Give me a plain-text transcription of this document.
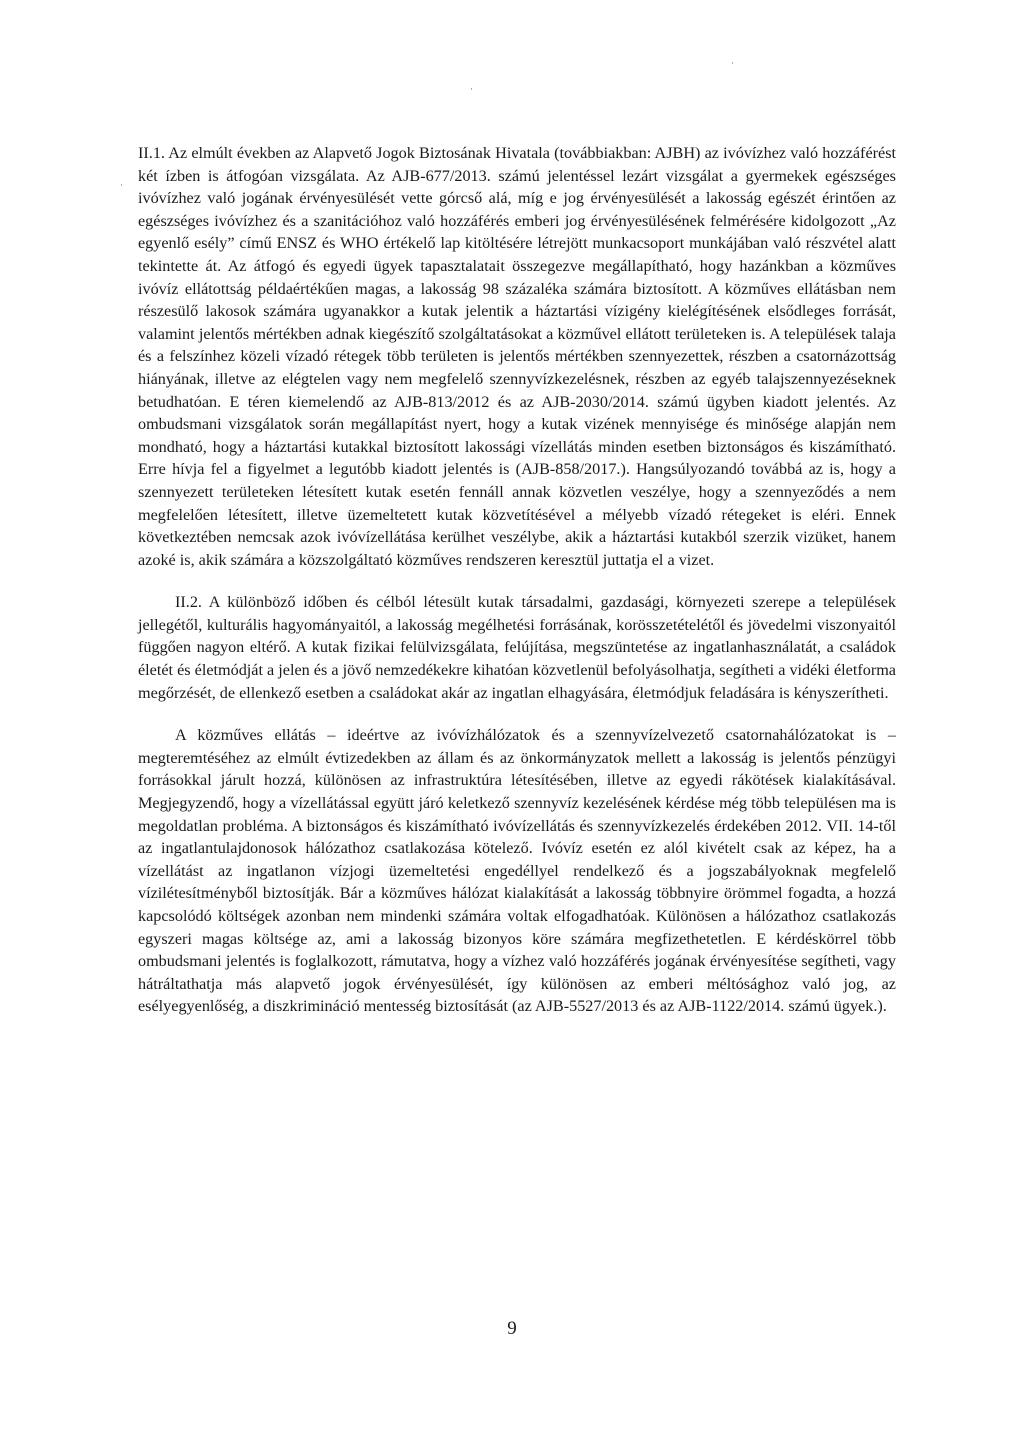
II.1. Az elmúlt években az Alapvető Jogok Biztosának Hivatala (továbbiakban: AJBH) az ivóvízhez való hozzáférést két ízben is átfogóan vizsgálata. Az AJB-677/2013. számú jelentéssel lezárt vizsgálat a gyermekek egészséges ivóvízhez való jogának érvényesülését vette górcső alá, míg e jog érvényesülését a lakosság egészét érintően az egészséges ivóvízhez és a szanitációhoz való hozzáférés emberi jog érvényesülésének felmérésére kidolgozott „Az egyenlő esély” című ENSZ és WHO értékelő lap kitöltésére létrejött munkacsoport munkájában való részvétel alatt tekintette át. Az átfogó és egyedi ügyek tapasztalatait összegezve megállapítható, hogy hazánkban a közműves ivóvíz ellátottság példaértékűen magas, a lakosság 98 százaléka számára biztosított. A közműves ellátásban nem részesülő lakosok számára ugyanakkor a kutak jelentik a háztartási vízigény kielégítésének elsődleges forrását, valamint jelentős mértékben adnak kiegészítő szolgáltatásokat a közművel ellátott területeken is. A települések talaja és a felszínhez közeli vízadó rétegek több területen is jelentős mértékben szennyezettek, részben a csatornázottság hiányának, illetve az elégtelen vagy nem megfelelő szennyvízkezelésnek, részben az egyéb talajszennyezéseknek betudhatóan. E téren kiemelendő az AJB-813/2012 és az AJB-2030/2014. számú ügyben kiadott jelentés. Az ombudsmani vizsgálatok során megállapítást nyert, hogy a kutak vizének mennyisége és minősége alapján nem mondható, hogy a háztartási kutakkal biztosított lakossági vízellátás minden esetben biztonságos és kiszámítható. Erre hívja fel a figyelmet a legutóbb kiadott jelentés is (AJB-858/2017.). Hangsúlyozandó továbbá az is, hogy a szennyezett területeken létesített kutak esetén fennáll annak közvetlen veszélye, hogy a szennyeződés a nem megfelelően létesített, illetve üzemeltetett kutak közvetítésével a mélyebb vízadó rétegeket is eléri. Ennek következtében nemcsak azok ivóvízellátása kerülhet veszélybe, akik a háztartási kutakból szerzik vizüket, hanem azoké is, akik számára a közszolgáltató közműves rendszeren keresztül juttatja el a vizet.

II.2. A különböző időben és célból létesült kutak társadalmi, gazdasági, környezeti szerepe a települések jellegétől, kulturális hagyományaitól, a lakosság megélhetési forrásának, korösszetételétől és jövedelmi viszonyaitól függően nagyon eltérő. A kutak fizikai felülvizsgálata, felújítása, megszüntetése az ingatlanhasználatát, a családok életét és életmódját a jelen és a jövő nemzedékekre kihatóan közvetlenül befolyásolhatja, segítheti a vidéki életforma megőrzését, de ellenkező esetben a családokat akár az ingatlan elhagyására, életmódjuk feladására is kényszerítheti.

A közműves ellátás – ideértve az ivóvízhálózatok és a szennyvízelvezető csatornahálózatokat is – megteremtéséhez az elmúlt évtizedekben az állam és az önkormányzatok mellett a lakosság is jelentős pénzügyi forrásokkal járult hozzá, különösen az infrastruktúra létesítésében, illetve az egyedi rákötések kialakításával. Megjegyzendő, hogy a vízellátással együtt járó keletkező szennyvíz kezelésének kérdése még több településen ma is megoldatlan probléma. A biztonságos és kiszámítható ivóvízellátás és szennyvízkezelés érdekében 2012. VII. 14-től az ingatlantulajdonosok hálózathoz csatlakozása kötelező. Ivóvíz esetén ez alól kivételt csak az képez, ha a vízellátást az ingatlanon vízjogi üzemeltetési engedéllyel rendelkező és a jogszabályoknak megfelelő vízilétesítményből biztosítják. Bár a közműves hálózat kialakítását a lakosság többnyire örömmel fogadta, a hozzá kapcsolódó költségek azonban nem mindenki számára voltak elfogadhatóak. Különösen a hálózathoz csatlakozás egyszeri magas költsége az, ami a lakosság bizonyos köre számára megfizethetetlen. E kérdéskörrel több ombudsmani jelentés is foglalkozott, rámutatva, hogy a vízhez való hozzáférés jogának érvényesítése segítheti, vagy hátráltathatja más alapvető jogok érvényesülését, így különösen az emberi méltósághoz való jog, az esélyegyenlőség, a diszkrimináció mentesség biztosítását (az AJB-5527/2013 és az AJB-1122/2014. számú ügyek.).

9
·
·
·
